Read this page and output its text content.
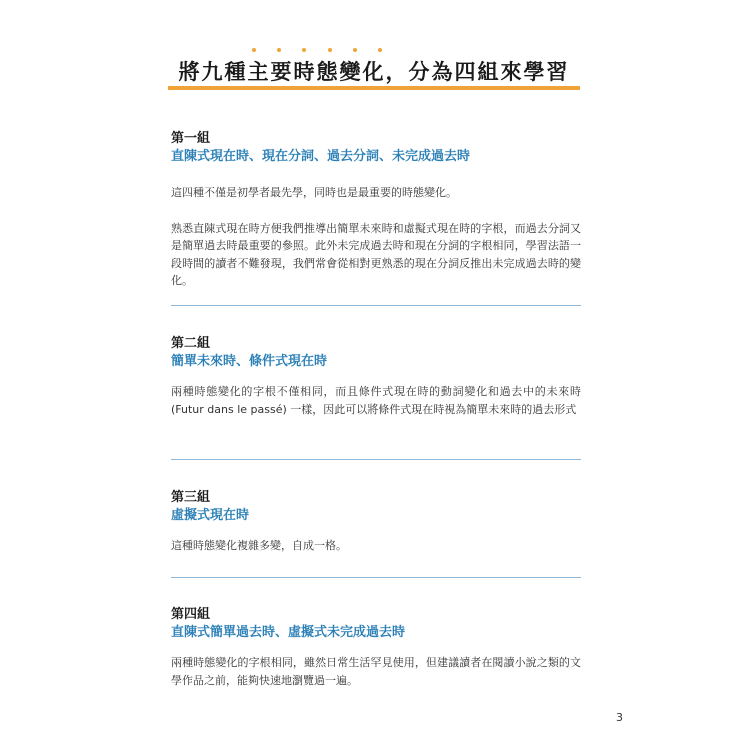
將九種主要時態變化，分為四組來學習
第一組
直陳式現在時、現在分詞、過去分詞、未完成過去時
這四種不僅是初學者最先學，同時也是最重要的時態變化。
熟悉直陳式現在時方便我們推導出簡單未來時和虛擬式現在時的字根，而過去分詞又是簡單過去時最重要的參照。此外未完成過去時和現在分詞的字根相同，學習法語一段時間的讀者不難發現，我們常會從相對更熟悉的現在分詞反推出未完成過去時的變化。
第二組
簡單未來時、條件式現在時
兩種時態變化的字根不僅相同，而且條件式現在時的動詞變化和過去中的未來時 (Futur dans le passé) 一樣，因此可以將條件式現在時視為簡單未來時的過去形式
第三組
虛擬式現在時
這種時態變化複雜多變，自成一格。
第四組
直陳式簡單過去時、虛擬式未完成過去時
兩種時態變化的字根相同，雖然日常生活罕見使用，但建議讀者在閱讀小說之類的文學作品之前，能夠快速地瀏覽過一遍。
3
